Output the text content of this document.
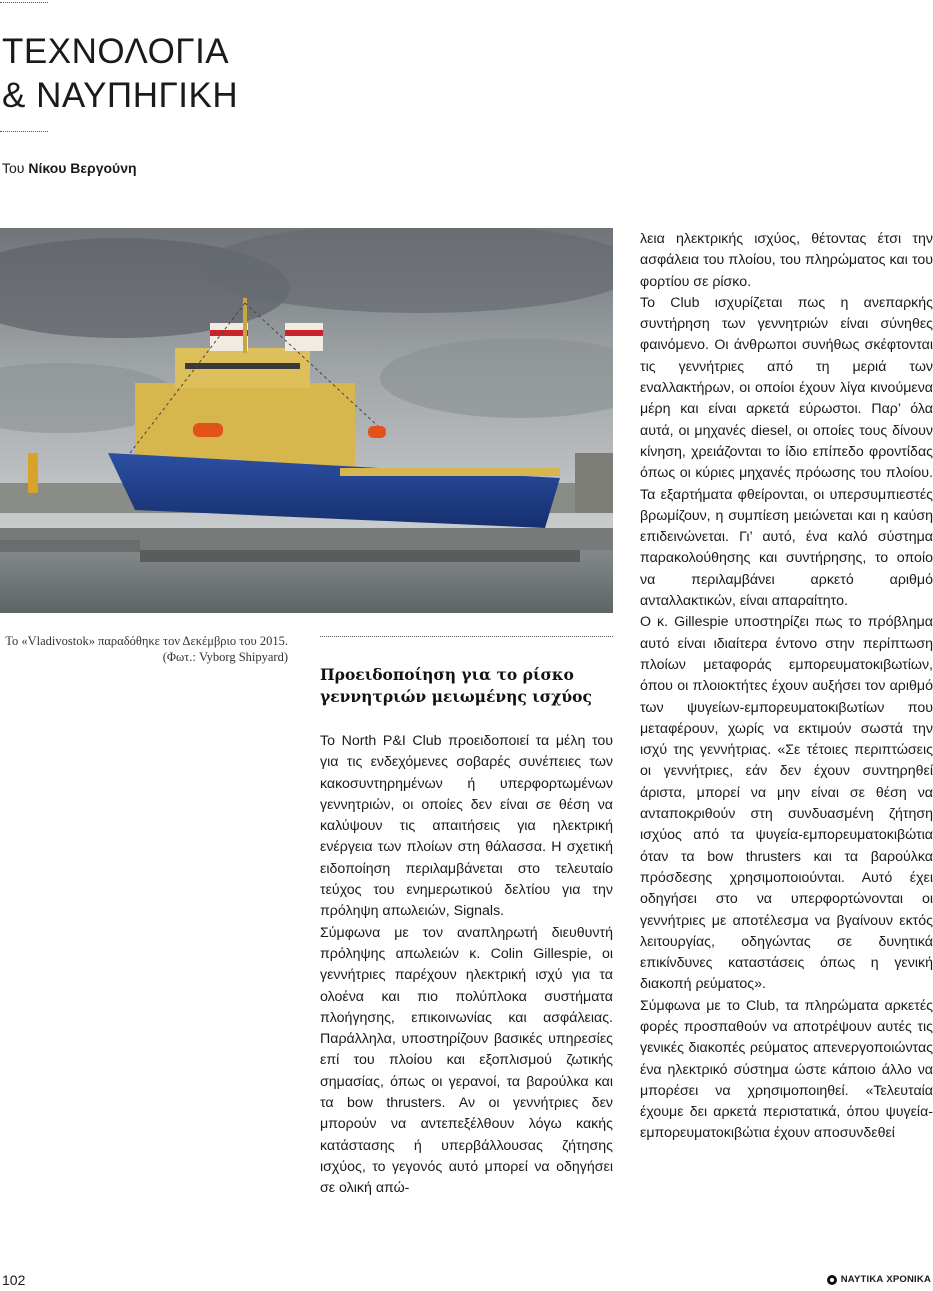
ΤΕΧΝΟΛΟΓΙΑ
& ΝΑΥΠΗΓΙΚΗ
Του Νίκου Βεργούνη
Το «Vladivostok» παραδόθηκε τον Δεκέμβριο του 2015.
(Φωτ.: Vyborg Shipyard)
Προειδοποίηση για το ρίσκο γεννητριών μειωμένης ισχύος

Το North P&I Club προειδοποιεί τα μέλη του για τις ενδεχόμενες σοβαρές συνέπειες των κακοσυντηρημένων ή υπερφορτωμένων γεννητριών, οι οποίες δεν είναι σε θέση να καλύψουν τις απαιτήσεις για ηλεκτρική ενέργεια των πλοίων στη θάλασσα. Η σχετική ειδοποίηση περιλαμβάνεται στο τελευταίο τεύχος του ενημερωτικού δελτίου για την πρόληψη απωλειών, Signals.

Σύμφωνα με τον αναπληρωτή διευθυντή πρόληψης απωλειών κ. Colin Gillespie, οι γεννήτριες παρέχουν ηλεκτρική ισχύ για τα ολοένα και πιο πολύπλοκα συστήματα πλοήγησης, επικοινωνίας και ασφάλειας. Παράλληλα, υποστηρίζουν βασικές υπηρεσίες επί του πλοίου και εξοπλισμού ζωτικής σημασίας, όπως οι γερανοί, τα βαρούλκα και τα bow thrusters. Αν οι γεννήτριες δεν μπορούν να αντεπεξέλθουν λόγω κακής κατάστασης ή υπερβάλλουσας ζήτησης ισχύος, το γεγονός αυτό μπορεί να οδηγήσει σε ολική απώ-

λεια ηλεκτρικής ισχύος, θέτοντας έτσι την ασφάλεια του πλοίου, του πληρώματος και του φορτίου σε ρίσκο.

Το Club ισχυρίζεται πως η ανεπαρκής συντήρηση των γεννητριών είναι σύνηθες φαινόμενο. Οι άνθρωποι συνήθως σκέφτονται τις γεννήτριες από τη μεριά των εναλλακτήρων, οι οποίοι έχουν λίγα κινούμενα μέρη και είναι αρκετά εύρωστοι. Παρ’ όλα αυτά, οι μηχανές diesel, οι οποίες τους δίνουν κίνηση, χρειάζονται το ίδιο επίπεδο φροντίδας όπως οι κύριες μηχανές πρόωσης του πλοίου. Τα εξαρτήματα φθείρονται, οι υπερσυμπιεστές βρωμίζουν, η συμπίεση μειώνεται και η καύση επιδεινώνεται. Γι’ αυτό, ένα καλό σύστημα παρακολούθησης και συντήρησης, το οποίο να περιλαμβάνει αρκετό αριθμό ανταλλακτικών, είναι απαραίτητο.

Ο κ. Gillespie υποστηρίζει πως το πρόβλημα αυτό είναι ιδιαίτερα έντονο στην περίπτωση πλοίων μεταφοράς εμπορευματοκιβωτίων, όπου οι πλοιοκτήτες έχουν αυξήσει τον αριθμό των ψυγείων-εμπορευματοκιβωτίων που μεταφέρουν, χωρίς να εκτιμούν σωστά την ισχύ της γεννήτριας. «Σε τέτοιες περιπτώσεις οι γεννήτριες, εάν δεν έχουν συντηρηθεί άριστα, μπορεί να μην είναι σε θέση να ανταποκριθούν στη συνδυασμένη ζήτηση ισχύος από τα ψυγεία-εμπορευματοκιβώτια όταν τα bow thrusters και τα βαρούλκα πρόσδεσης χρησιμοποιούνται. Αυτό έχει οδηγήσει στο να υπερφορτώνονται οι γεννήτριες με αποτέλεσμα να βγαίνουν εκτός λειτουργίας, οδηγώντας σε δυνητικά επικίνδυνες καταστάσεις όπως η γενική διακοπή ρεύματος».

Σύμφωνα με το Club, τα πληρώματα αρκετές φορές προσπαθούν να αποτρέψουν αυτές τις γενικές διακοπές ρεύματος απενεργοποιώντας ένα ηλεκτρικό σύστημα ώστε κάποιο άλλο να μπορέσει να χρησιμοποιηθεί. «Τελευταία έχουμε δει αρκετά περιστατικά, όπου ψυγεία-εμπορευματοκιβώτια έχουν αποσυνδεθεί

102	ΝΑΥΤΙΚΑ ΧΡΟΝΙΚΑ
